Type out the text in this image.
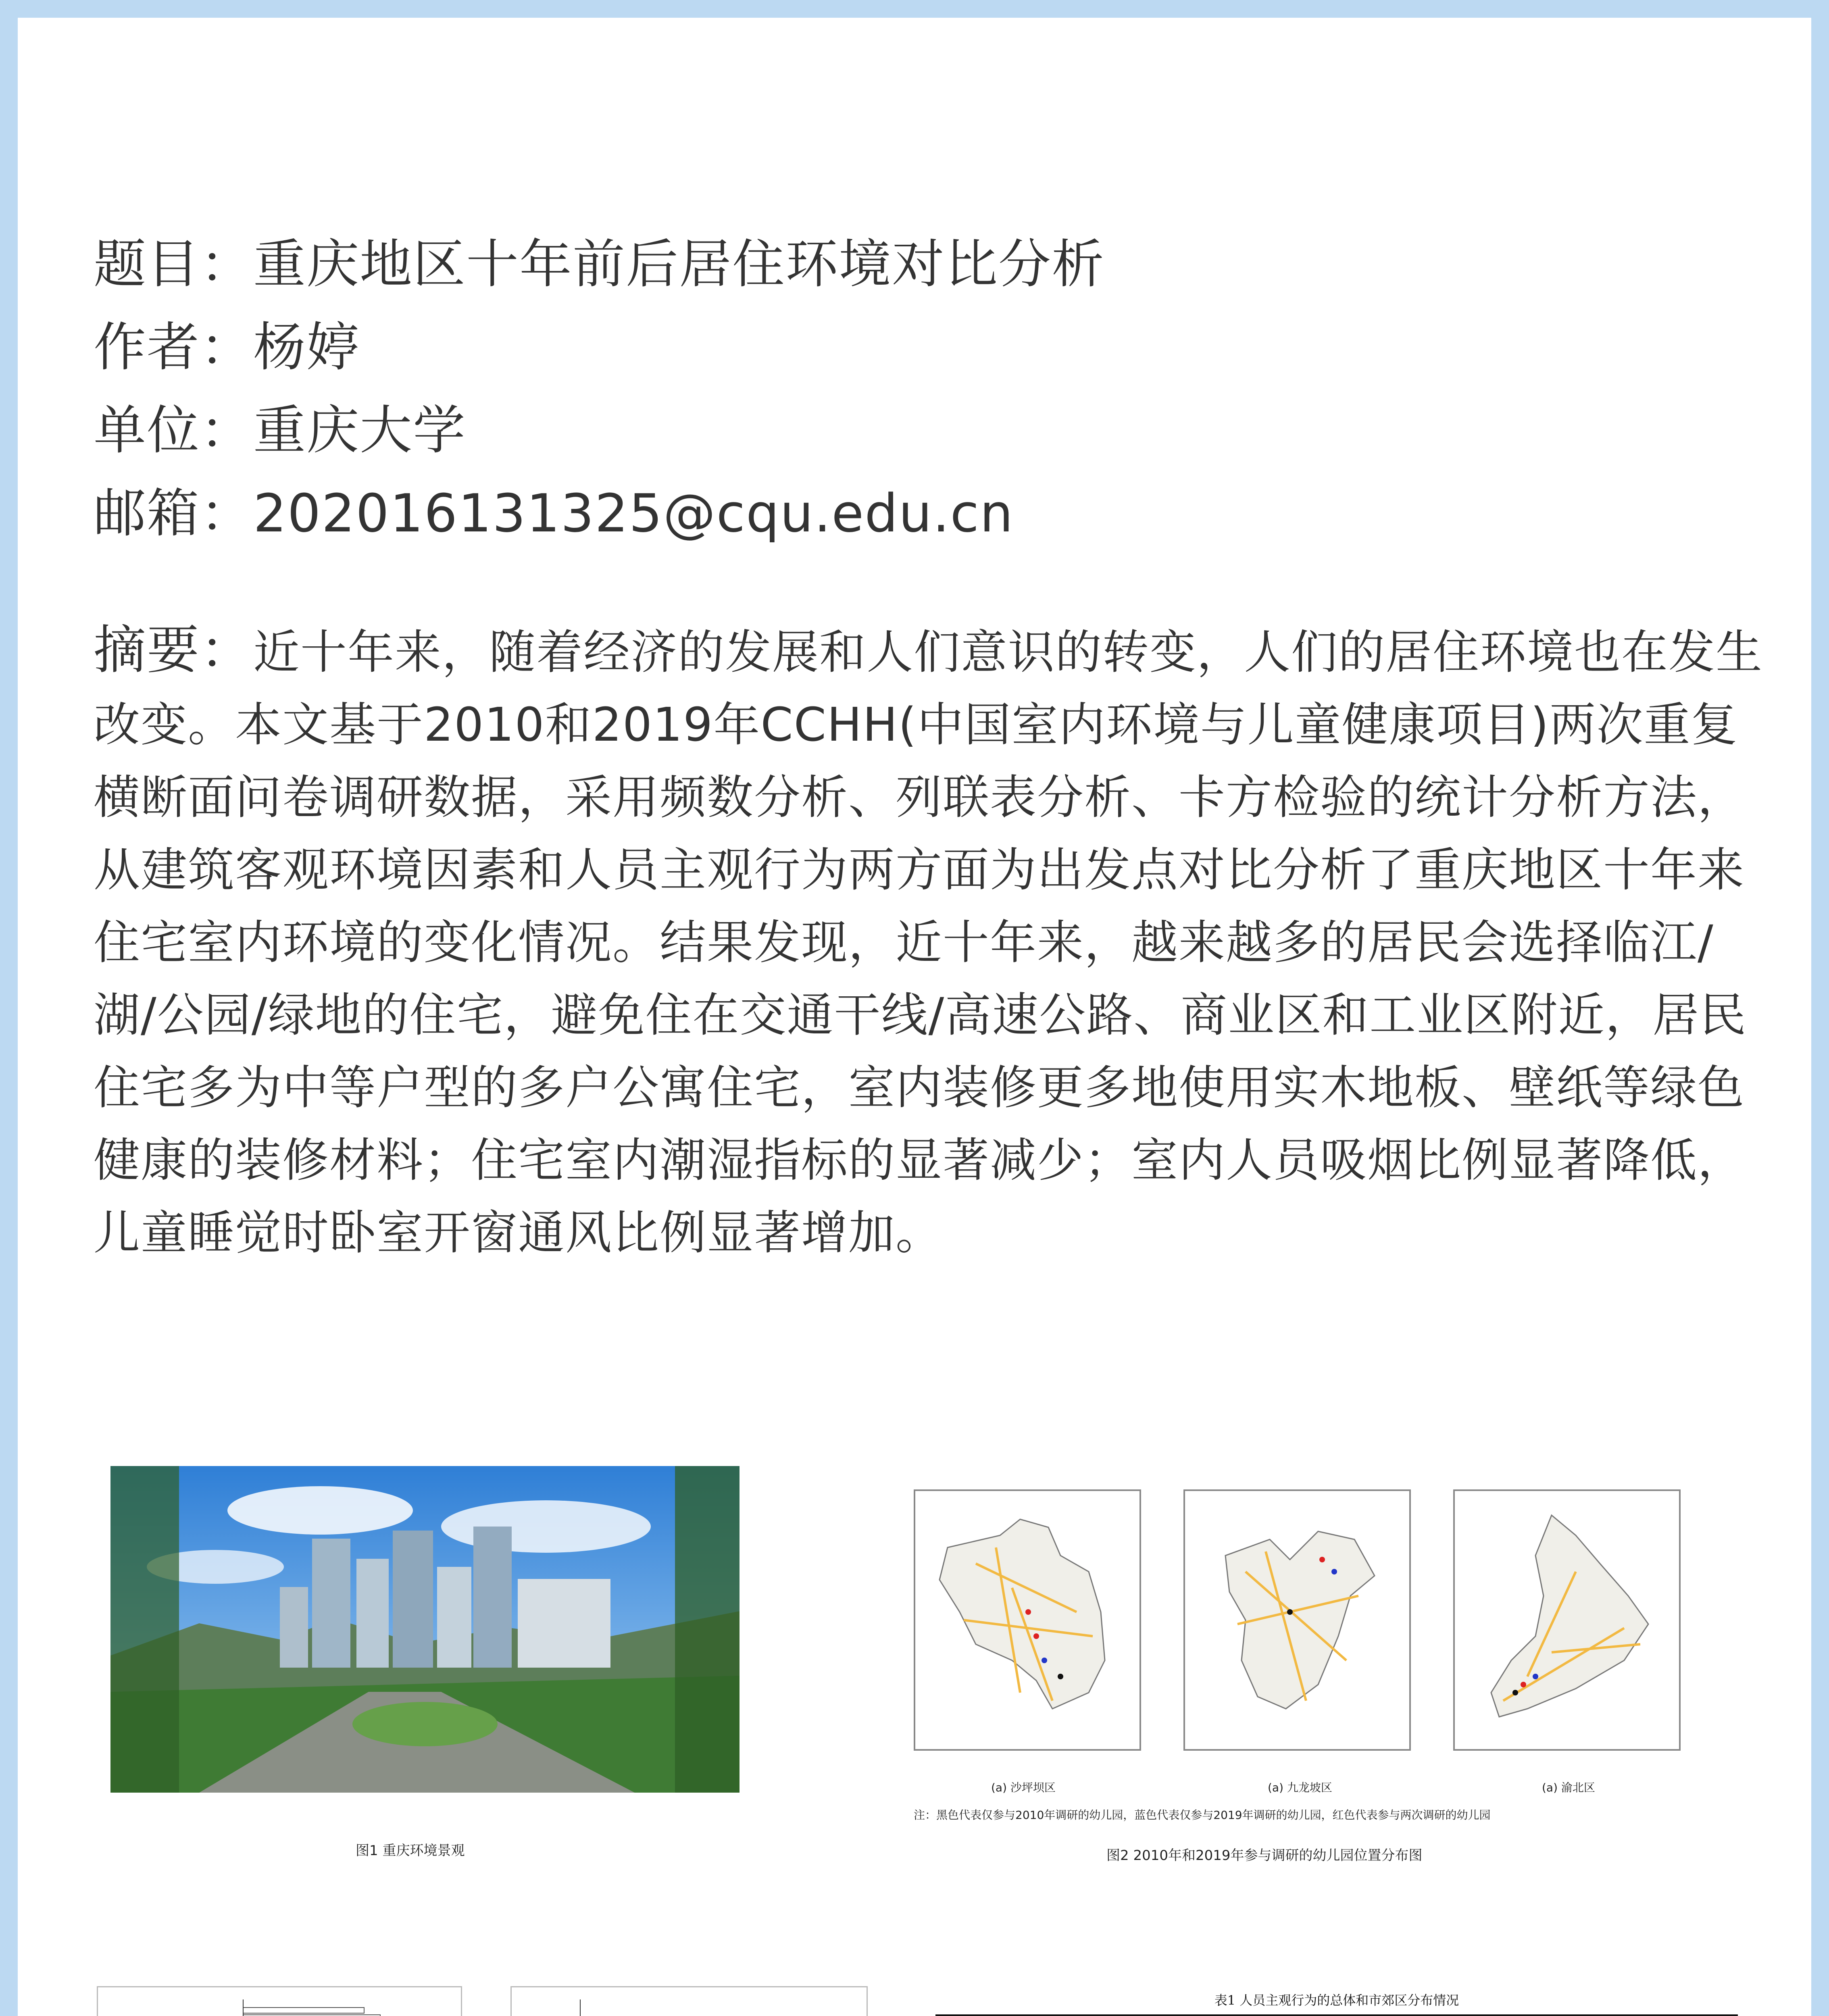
题目：重庆地区十年前后居住环境对比分析
作者：杨婷
单位：重庆大学
邮箱：202016131325@cqu.edu.cn
摘要：近十年来，随着经济的发展和人们意识的转变，人们的居住环境也在发生改变。本文基于2010和2019年CCHH(中国室内环境与儿童健康项目)两次重复横断面问卷调研数据，采用频数分析、列联表分析、卡方检验的统计分析方法，从建筑客观环境因素和人员主观行为两方面为出发点对比分析了重庆地区十年来住宅室内环境的变化情况。结果发现，近十年来，越来越多的居民会选择临江/湖/公园/绿地的住宅，避免住在交通干线/高速公路、商业区和工业区附近，居民住宅多为中等户型的多户公寓住宅，室内装修更多地使用实木地板、壁纸等绿色健康的装修材料；住宅室内潮湿指标的显著减少；室内人员吸烟比例显著降低，儿童睡觉时卧室开窗通风比例显著增加。
图1 重庆环境景观
(a) 沙坪坝区	(a) 九龙坡区	(a) 渝北区
注：黑色代表仅参与2010年调研的幼儿园，蓝色代表仅参与2019年调研的幼儿园，红色代表参与两次调研的幼儿园
图2 2010年和2019年参与调研的幼儿园位置分布图
表1 人员主观行为的总体和市郊区分布情况
